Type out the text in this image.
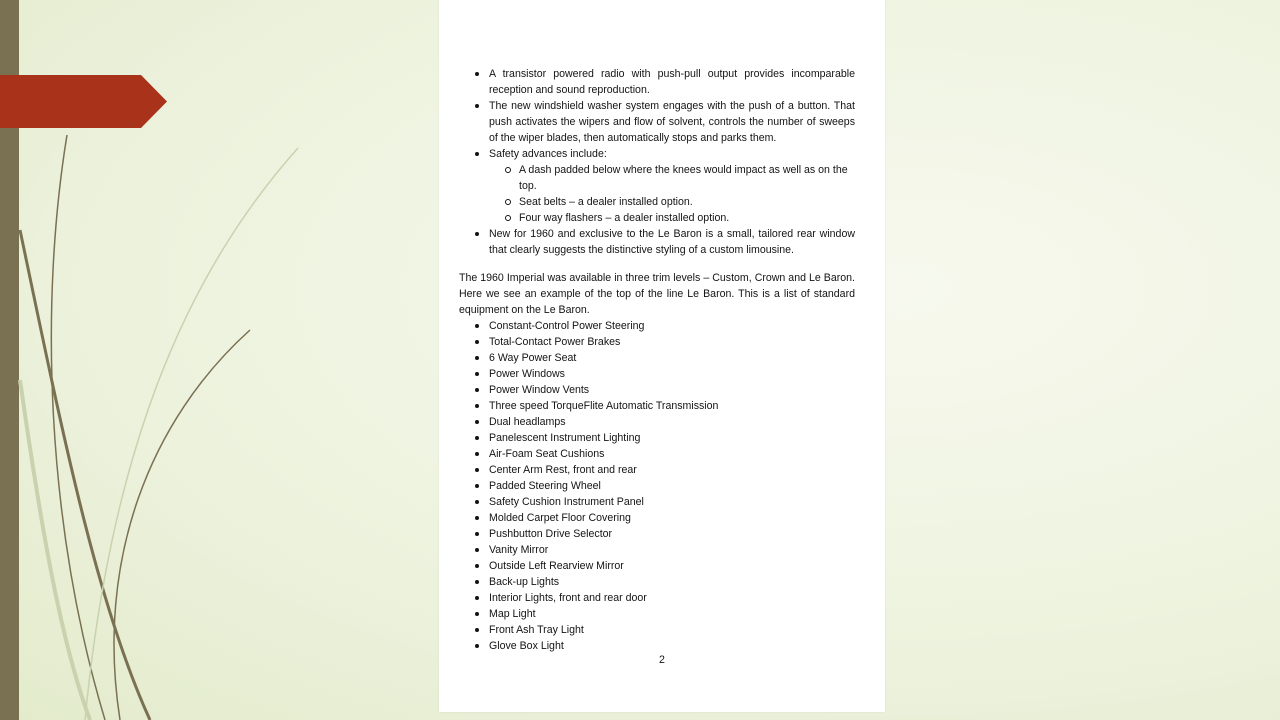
A transistor powered radio with push-pull output provides incomparable reception and sound reproduction.
The new windshield washer system engages with the push of a button. That push activates the wipers and flow of solvent, controls the number of sweeps of the wiper blades, then automatically stops and parks them.
Safety advances include:
A dash padded below where the knees would impact as well as on the top.
Seat belts – a dealer installed option.
Four way flashers – a dealer installed option.
New for 1960 and exclusive to the Le Baron is a small, tailored rear window that clearly suggests the distinctive styling of a custom limousine.

The 1960 Imperial was available in three trim levels – Custom, Crown and Le Baron. Here we see an example of the top of the line Le Baron. This is a list of standard equipment on the Le Baron.

Constant-Control Power Steering
Total-Contact Power Brakes
6 Way Power Seat
Power Windows
Power Window Vents
Three speed TorqueFlite Automatic Transmission
Dual headlamps
Panelescent Instrument Lighting
Air-Foam Seat Cushions
Center Arm Rest, front and rear
Padded Steering Wheel
Safety Cushion Instrument Panel
Molded Carpet Floor Covering
Pushbutton Drive Selector
Vanity Mirror
Outside Left Rearview Mirror
Back-up Lights
Interior Lights, front and rear door
Map Light
Front Ash Tray Light
Glove Box Light
2
